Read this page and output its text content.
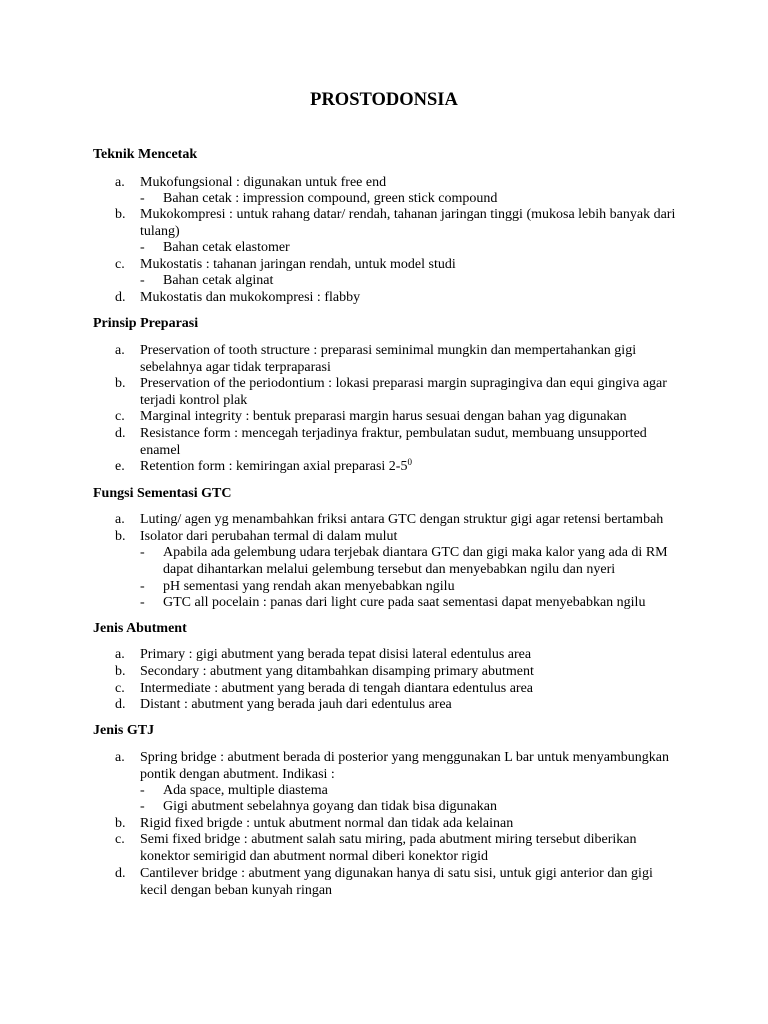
PROSTODONSIA
Teknik Mencetak
a. Mukofungsional : digunakan untuk free end
- Bahan cetak : impression compound, green stick compound
b. Mukokompresi : untuk rahang datar/ rendah, tahanan jaringan tinggi (mukosa lebih banyak dari tulang)
- Bahan cetak elastomer
c. Mukostatis : tahanan jaringan rendah, untuk model studi
- Bahan cetak alginat
d. Mukostatis dan mukokompresi : flabby
Prinsip Preparasi
a. Preservation of tooth structure : preparasi seminimal mungkin dan mempertahankan gigi sebelahnya agar tidak terpraparasi
b. Preservation of the periodontium : lokasi preparasi margin supragingiva dan equi gingiva agar terjadi kontrol plak
c. Marginal integrity : bentuk preparasi margin harus sesuai dengan bahan yag digunakan
d. Resistance form : mencegah terjadinya fraktur, pembulatan sudut, membuang unsupported enamel
e. Retention form : kemiringan axial preparasi $2-5^0$
Fungsi Sementasi GTC
a. Luting/ agen yg menambahkan friksi antara GTC dengan struktur gigi agar retensi bertambah
b. Isolator dari perubahan termal di dalam mulut
- Apabila ada gelembung udara terjebak diantara GTC dan gigi maka kalor yang ada di RM dapat dihantarkan melalui gelembung tersebut dan menyebabkan ngilu dan nyeri
- pH sementasi yang rendah akan menyebabkan ngilu
- GTC all pocelain : panas dari light cure pada saat sementasi dapat menyebabkan ngilu
Jenis Abutment
a. Primary : gigi abutment yang berada tepat disisi lateral edentulus area
b. Secondary : abutment yang ditambahkan disamping primary abutment
c. Intermediate : abutment yang berada di tengah diantara edentulus area
d. Distant : abutment yang berada jauh dari edentulus area
Jenis GTJ
a. Spring bridge : abutment berada di posterior yang menggunakan L bar untuk menyambungkan pontik dengan abutment. Indikasi :
- Ada space, multiple diastema
- Gigi abutment sebelahnya goyang dan tidak bisa digunakan
b. Rigid fixed brigde : untuk abutment normal dan tidak ada kelainan
c. Semi fixed bridge : abutment salah satu miring, pada abutment miring tersebut diberikan konektor semirigid dan abutment normal diberi konektor rigid
d. Cantilever bridge : abutment yang digunakan hanya di satu sisi, untuk gigi anterior dan gigi kecil dengan beban kunyah ringan
